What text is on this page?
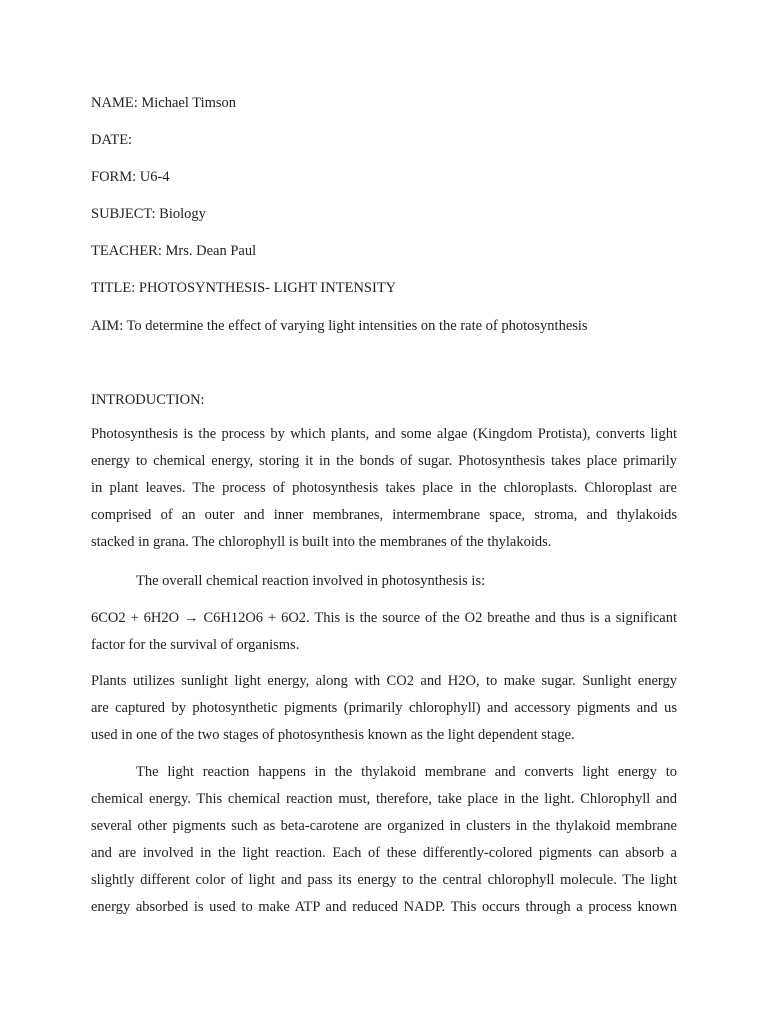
NAME: Michael Timson

DATE:

FORM: U6-4

SUBJECT: Biology

TEACHER: Mrs. Dean Paul

TITLE: PHOTOSYNTHESIS- LIGHT INTENSITY

AIM: To determine the effect of varying light intensities on the rate of photosynthesis

INTRODUCTION:

Photosynthesis is the process by which plants, and some algae (Kingdom Protista), converts light
energy to chemical energy, storing it in the bonds of sugar. Photosynthesis takes place primarily
in plant leaves. The process of photosynthesis takes place in the chloroplasts. Chloroplast are
comprised of an outer and inner membranes, intermembrane space, stroma, and thylakoids
stacked in grana. The chlorophyll is built into the membranes of the thylakoids.
The overall chemical reaction involved in photosynthesis is:
6CO2 + 6H2O → C6H12O6 + 6O2. This is the source of the O2 breathe and thus is a significant
factor for the survival of organisms.
Plants utilizes sunlight light energy, along with CO2 and H2O, to make sugar. Sunlight energy
are captured by photosynthetic pigments (primarily chlorophyll) and accessory pigments and us
used in one of the two stages of photosynthesis known as the light dependent stage.
The light reaction happens in the thylakoid membrane and converts light energy to
chemical energy. This chemical reaction must, therefore, take place in the light. Chlorophyll and
several other pigments such as beta-carotene are organized in clusters in the thylakoid membrane
and are involved in the light reaction. Each of these differently-colored pigments can absorb a
slightly different color of light and pass its energy to the central chlorophyll molecule. The light
energy absorbed is used to make ATP and reduced NADP. This occurs through a process known
